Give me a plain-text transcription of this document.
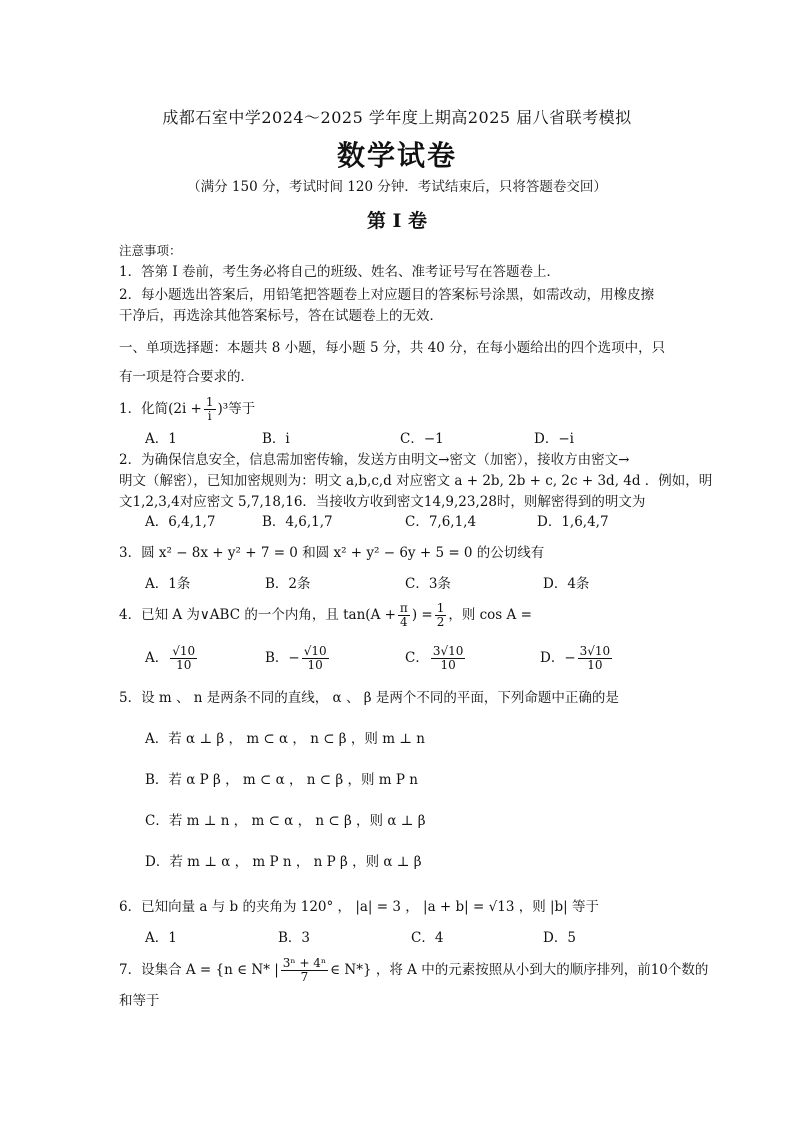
成都石室中学2024～2025 学年度上期高2025 届八省联考模拟
数学试卷
（满分 150 分，考试时间 120 分钟．考试结束后，只将答题卷交回）
第 I 卷
注意事项：
1．答第 I 卷前，考生务必将自己的班级、姓名、准考证号写在答题卷上．
2．每小题选出答案后，用铅笔把答题卷上对应题目的答案标号涂黑，如需改动，用橡皮擦
干净后，再选涂其他答案标号，答在试题卷上的无效．
一、单项选择题：本题共 8 小题，每小题 5 分，共 40 分，在每小题给出的四个选项中，只
有一项是符合要求的．
1．化简$(2i + \frac{1}{i} )^3$等于
A．1	B．i	C．−1	D．−i
2．为确保信息安全，信息需加密传输，发送方由明文→密文（加密），接收方由密文→
明文（解密），已知加密规则为：明文 a,b,c,d 对应密文 a + 2b, 2b + c, 2c + 3d, 4d ．例如，明
文1,2,3,4对应密文 5,7,18,16．当接收方收到密文14,9,23,28时，则解密得到的明文为
A．6,4,1,7	B．4,6,1,7	C．7,6,1,4	D．1,6,4,7
3．圆 x² − 8x + y² + 7 = 0 和圆 x² + y² − 6y + 5 = 0 的公切线有
A．1条	B．2条	C．3条	D．4条
4．已知 A 为∨ABC 的一个内角，且 $\tan(A + \frac{\pi}{4}$ ) = $\frac{1}{2}$ ，则 cos A =
A． $\frac{√10}{10}$	B．− $\frac{√10}{10}$	C． $\frac{3√10}{10}$	D．− $\frac{3√10}{10}$
5．设 m 、 n 是两条不同的直线， α 、 β 是两个不同的平面，下列命题中正确的是
A．若 α ⊥ β ， m ⊂ α ， n ⊂ β ，则 m ⊥ n
B．若 α P β ， m ⊂ α ， n ⊂ β ，则 m P n
C．若 m ⊥ n ， m ⊂ α ， n ⊂ β ，则 α ⊥ β
D．若 m ⊥ α ， m P n ， n P β ，则 α ⊥ β
6．已知向量 a 与 b 的夹角为 120° ， |a| = 3 ， |a + b| = √13 ，则 |b| 等于
A．1	B．3	C．4	D．5
7．设集合 A = {n ∈ N* | $\frac{\text{3ⁿ + 4ⁿ}}{7}$ ∈ N*} ，将 A 中的元素按照从小到大的顺序排列，前10个数的
和等于
